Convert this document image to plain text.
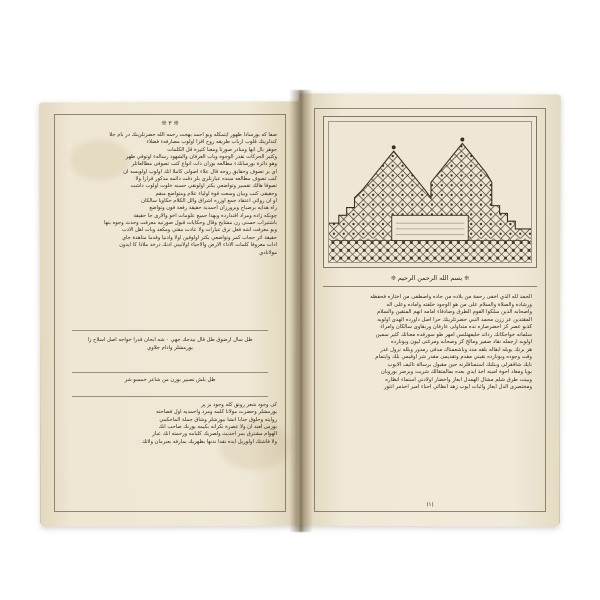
❊ ٣ ❊
صفا كه بورسادا ظهور ايتمكله وبو احمد بهجت رحمه الله حضرتلرينك در بام جلا
كندلرينك قلوب ارباب طريقه روح افزا اولوب مصارفهء فضلاء
جوهر بال آنها ومنادر صورتا ومعنا كثيرة قل الكلمات
وكثير الحركات نقدر الوجوه وباب العرفان والشهود رسالهء اوتوقي ظهر
وهو دائرة بورسانكء مطالعه بوران ذات انواع كتب تصوفى مطالعاتلر
آي بر تصوف وحقايق روحه قال علاء اصولى كاملا انك اولوب اولوبسه آن
كنب تصوف مطالعه سنده عبارتلري بلر دقت دائمه مذكور قرارا ولا
تصوفا هالك تفسير وتواضعي بكتر اولونقي حسنه خلوت اولوب داشت
وحقيقى كتب وبيان وسعت قوة اولياء علام ومتواضع منقم
او آن روائي اعتقاد جمع اوزره اشراق والل الكلام حكاويا سالكان
راه هدايه برصباح وبرورزان احمدية حقيقة رفعة فون وتواضع
چونكه زاده ومراد اقتدارده وبهذا جميع علومات اخو والارى جا حقيقة
باشتيراب حسنى رن مشايخ وقال وحكايات قبول صورتيه معرفت وحدث وجوه بنها
وبو معرفت اشه فعل ترق عبارات ولا عادت مقتي ومكعد وبات اهل الادب
حقيقة اثر حجاب كمر وتواضعي بكتر اولوقين اولا واذنيا وقدما متاهدة جاي
ادات معروفا كلمات الاداء الأرض والاحياء اولانيني ادنك درخد ملاذا كا آيدون
مولانادي
طل سال ارضوق طل قال نيدجك جهي ٠ شه ابحان قدرا خواجه اصل اسلاح زا
يورمشلر وادام جلاوي
طل بلش تصبير بورن من شاعر خمسو شر
كى وجود شعر رونق كله وجود بر پر
يورمشلر وحضرت مولانا كلمه ومرد واحمديه اول فصاحته
روايته وحلوق جنابا انشأ بيورشلر وشاق جملة الماحكمي
بورس لعبد آن ولا عصرة نكرانه بكيمه يورنك صاحب انك
الهوام مشترق بمر احديث ولصربك كلبامه ورحمته انك عباز
ولا فاشتك اولوريل ايده نقدا نذنها بظهريك بمارفه بعبرمان ولاتك
❊ بسم الله الرحمن الرحيم ❊
الحمد لله الذي اخفى رحمة من بلاده من جاده واصطفى من اختاره فحفظه
ورشاده والصلاة والسلام على من هو الوجود خلفته واماده وعلى آله
واصحابه الذين سلكوا القوم الطرق وصادقاء امامه انهم المتقين والسلام
المقتدين عز ززن محمد النبي حضرتلرينك حرا اصل داورده الهدى اولوبه
كذبو عصر كز احضرصاره نده متداولى عارفان وربقاوى سالكان وامراء
سلمانه خواجكانك رداتد خليفهتلنس امهر طو سورقده معناتك كثير سمين
اولوبه ارجمله نقاد صفير ومالح كز وصحابه ومرغتى ليون وبونارده
هر برنك بويله ابقاله بلقه مدد وباشعمناك مدقى رمدور وبلله نرول غدر
وقت وجوده وبونارده نقيني مقدم وتقديمى مقدر شر اوقيمي بلك وايتمام
نايك شاققرلى وبنلنك استمناقلرنه حين مقبول برسالة تأليف الايوب
بويا ومعاد احوة امينه آخذ ايدي بعده بمالمتقالك شريت وبرصر بوروبان
وبينت طرق شلم مشال الهمدل ابعاز واخضار اولادني استماء انظاره
ومختصرى الدل ايعاز واثبات ايوب زهد انظائي احباء امير اخذمر انثور
(١)
